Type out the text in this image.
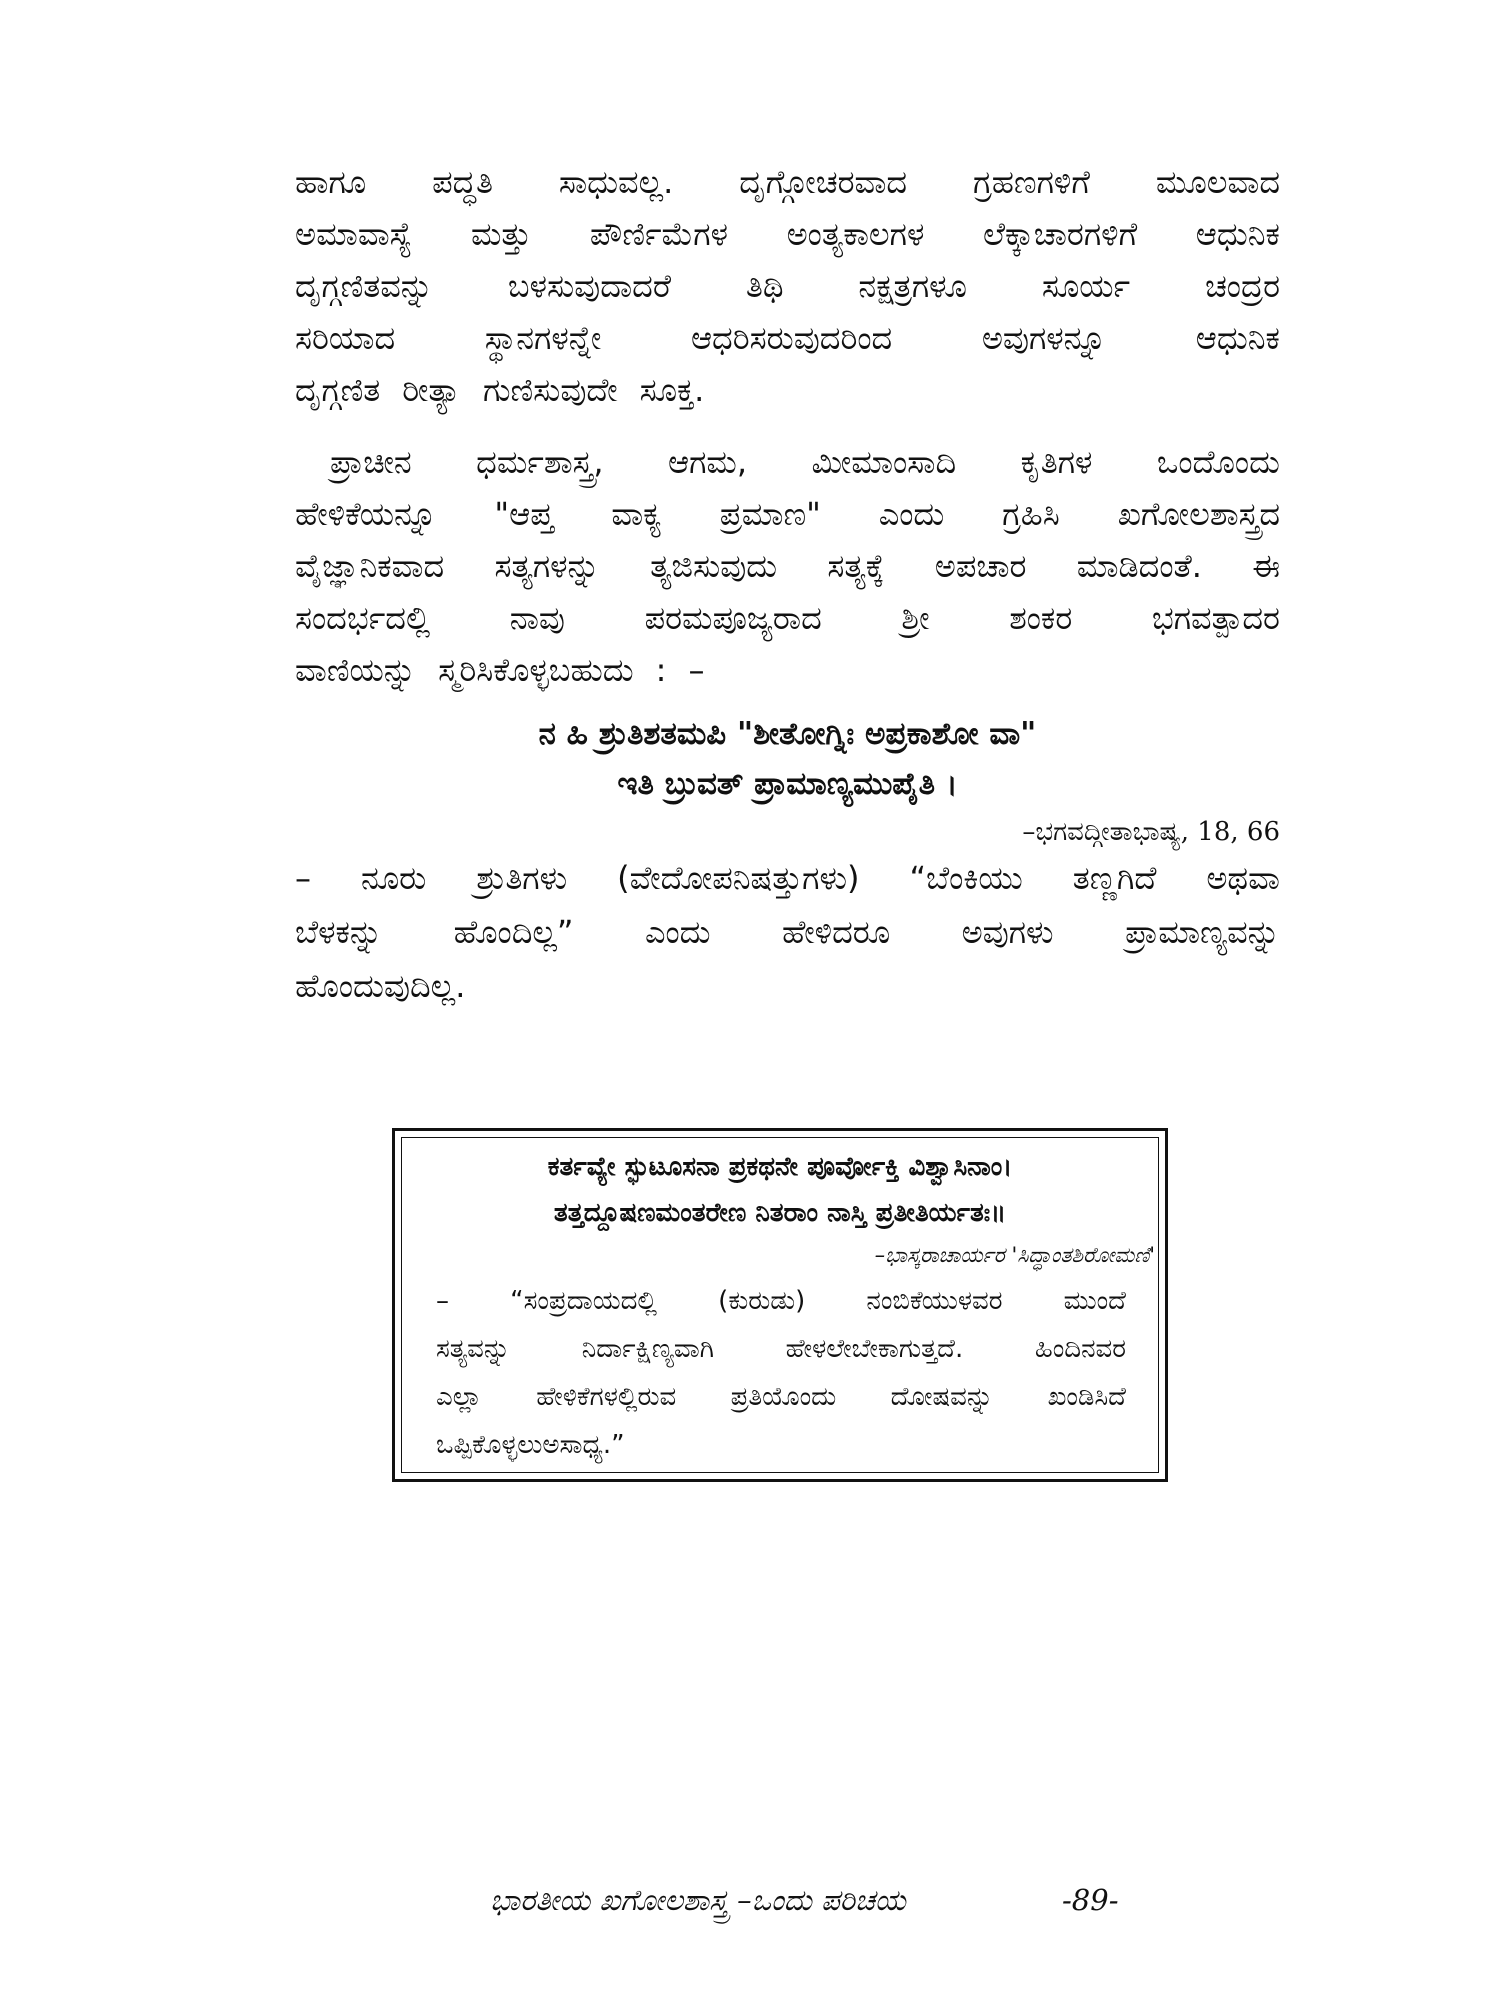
ಹಾಗೂ ಪದ್ಧತಿ ಸಾಧುವಲ್ಲ. ದೃಗ್ಗೋಚರವಾದ ಗ್ರಹಣಗಳಿಗೆ ಮೂಲವಾದ
ಅಮಾವಾಸ್ಯೆ ಮತ್ತು ಪೌರ್ಣಿಮೆಗಳ ಅಂತ್ಯಕಾಲಗಳ ಲೆಕ್ಕಾಚಾರಗಳಿಗೆ ಆಧುನಿಕ
ದೃಗ್ಗಣಿತವನ್ನು ಬಳಸುವುದಾದರೆ ತಿಥಿ ನಕ್ಷತ್ರಗಳೂ ಸೂರ್ಯ ಚಂದ್ರರ
ಸರಿಯಾದ	ಸ್ಥಾನಗಳನ್ನೇ	ಆಧರಿಸರುವುದರಿಂದ	ಅವುಗಳನ್ನೂ	ಆಧುನಿಕ
ದೃಗ್ಗಣಿತ ರೀತ್ಯಾ ಗುಣಿಸುವುದೇ ಸೂಕ್ತ.
ಪ್ರಾಚೀನ ಧರ್ಮಶಾಸ್ತ್ರ, ಆಗಮ, ಮೀಮಾಂಸಾದಿ ಕೃತಿಗಳ ಒಂದೊಂದು
ಹೇಳಿಕೆಯನ್ನೂ "ಆಪ್ತ ವಾಕ್ಯ ಪ್ರಮಾಣ" ಎಂದು ಗ್ರಹಿಸಿ ಖಗೋಲಶಾಸ್ತ್ರದ
ವೈಜ್ಞಾನಿಕವಾದ ಸತ್ಯಗಳನ್ನು ತ್ಯಜಿಸುವುದು ಸತ್ಯಕ್ಕೆ ಅಪಚಾರ ಮಾಡಿದಂತೆ. ಈ
ಸಂದರ್ಭದಲ್ಲಿ ನಾವು ಪರಮಪೂಜ್ಯರಾದ ಶ್ರೀ ಶಂಕರ ಭಗವತ್ಪಾದರ
ವಾಣಿಯನ್ನು ಸ್ಮರಿಸಿಕೊಳ್ಳಬಹುದು : –
ನ ಹಿ ಶ್ರುತಿಶತಮಪಿ "ಶೀತೋಗ್ನಿಃ ಅಪ್ರಕಾಶೋ ವಾ"
ಇತಿ ಬ್ರುವತ್ ಪ್ರಾಮಾಣ್ಯಮುಪೈತಿ ।
–ಭಗವದ್ಗೀತಾಭಾಷ್ಯ, 18, 66
– ನೂರು ಶ್ರುತಿಗಳು (ವೇದೋಪನಿಷತ್ತುಗಳು) “ಬೆಂಕಿಯು ತಣ್ಣಗಿದೆ ಅಥವಾ
ಬೆಳಕನ್ನು ಹೊಂದಿಲ್ಲ” ಎಂದು ಹೇಳಿದರೂ ಅವುಗಳು ಪ್ರಾಮಾಣ್ಯವನ್ನು
ಹೊಂದುವುದಿಲ್ಲ.
ಕರ್ತವ್ಯೇ ಸ್ಫುಟೂಸನಾ ಪ್ರಕಥನೇ ಪೂರ್ವೋಕ್ತಿ ವಿಶ್ವಾಸಿನಾಂ।
ತತ್ತದ್ದೂಷಣಮಂತರೇಣ ನಿತರಾಂ ನಾಸ್ತಿ ಪ್ರತೀತಿರ್ಯತಃ॥
–ಭಾಸ್ಕರಾಚಾರ್ಯರ 'ಸಿದ್ಧಾಂತಶಿರೋಮಣಿ'
– “ಸಂಪ್ರದಾಯದಲ್ಲಿ (ಕುರುಡು) ನಂಬಿಕೆಯುಳವರ ಮುಂದೆ
ಸತ್ಯವನ್ನು	ನಿರ್ದಾಕ್ಷಿಣ್ಯವಾಗಿ	ಹೇಳಲೇಬೇಕಾಗುತ್ತದೆ.	ಹಿಂದಿನವರ
ಎಲ್ಲಾ ಹೇಳಿಕೆಗಳಲ್ಲಿರುವ ಪ್ರತಿಯೊಂದು ದೋಷವನ್ನು ಖಂಡಿಸಿದೆ
ಒಪ್ಪಿಕೊಳ್ಳಲು ಅಸಾಧ್ಯ.”
ಭಾರತೀಯ ಖಗೋಲಶಾಸ್ತ್ರ –ಒಂದು ಪರಿಚಯ	-89-
